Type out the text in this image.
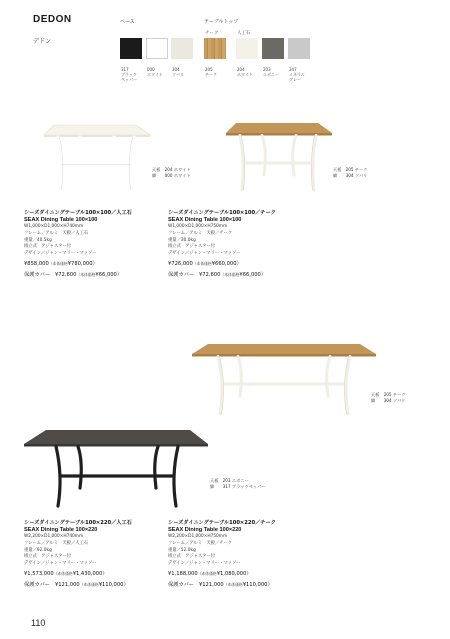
DEDON
デドン
ベース	テーブルトップ
チーク	人工石

317
ブラック
ペッパー

000
ホワイト

304
ソバリ

205
チーク

204
ホワイト

203
エボニー

347
ミネラル
グレー

天板　204 ホワイト
脚　　000 ホワイト
天板　205 チーク
脚　　304 ソバリ
シーズダイニングテーブル100×100／人工石
SEAX Dining Table 100×100
W1,000×D1,000×H740mm
フレーム／アルミ　天板／人工石
重量／40.5kg
組立式　アジャスター付
デザイン／ジャン・マリー・マッソー
¥858,000（本体価格¥780,000）
保護カバー ¥72,600（本体価格¥66,000）
シーズダイニングテーブル100×100／チーク
SEAX Dining Table 100×100
W1,000×D1,000×H750mm
フレーム／アルミ　天板／チーク
重量／30.0kg
組立式　アジャスター付
デザイン／ジャン・マリー・マッソー
¥726,000（本体価格¥660,000）
保護カバー ¥72,600（本体価格¥66,000）
天板　205 チーク
脚　　304 ソバリ
天板　203 エボニー
脚　　317 ブラックペッパー
シーズダイニングテーブル100×220／人工石
SEAX Dining Table 100×220
W2,200×D1,000×H740mm
フレーム／アルミ　天板／人工石
重量／92.0kg
組立式　アジャスター付
デザイン／ジャン・マリー・マッソー
¥1,573,000（本体価格¥1,430,000）
保護カバー ¥121,000（本体価格¥110,000）
シーズダイニングテーブル100×220／チーク
SEAX Dining Table 100×220
W2,200×D1,000×H750mm
フレーム／アルミ　天板／チーク
重量／52.0kg
組立式　アジャスター付
デザイン／ジャン・マリー・マッソー
¥1,188,000（本体価格¥1,080,000）
保護カバー ¥121,000（本体価格¥110,000）
110
